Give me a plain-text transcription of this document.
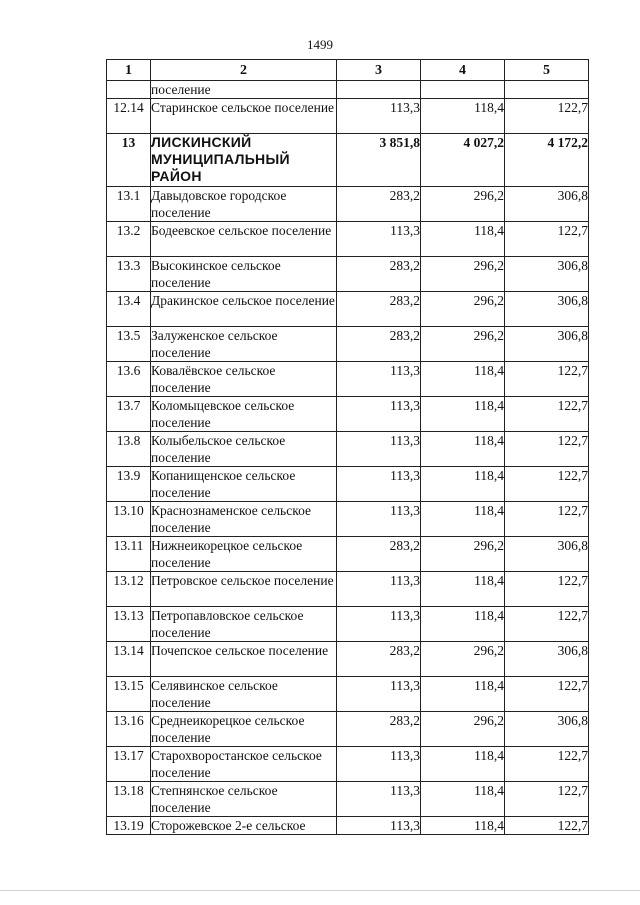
1499
1	2	3	4	5
	поселение			
12.14	Старинское сельское поселение	113,3	118,4	122,7
13	ЛИСКИНСКИЙ МУНИЦИПАЛЬНЫЙ РАЙОН	3 851,8	4 027,2	4 172,2
13.1	Давыдовское городское поселение	283,2	296,2	306,8
13.2	Бодеевское сельское поселение	113,3	118,4	122,7
13.3	Высокинское сельское поселение	283,2	296,2	306,8
13.4	Дракинское сельское поселение	283,2	296,2	306,8
13.5	Залуженское сельское поселение	283,2	296,2	306,8
13.6	Ковалёвское сельское поселение	113,3	118,4	122,7
13.7	Коломыцевское сельское поселение	113,3	118,4	122,7
13.8	Колыбельское сельское поселение	113,3	118,4	122,7
13.9	Копанищенское сельское поселение	113,3	118,4	122,7
13.10	Краснознаменское сельское поселение	113,3	118,4	122,7
13.11	Нижнеикорецкое сельское поселение	283,2	296,2	306,8
13.12	Петровское сельское поселение	113,3	118,4	122,7
13.13	Петропавловское сельское поселение	113,3	118,4	122,7
13.14	Почепское сельское поселение	283,2	296,2	306,8
13.15	Селявинское сельское поселение	113,3	118,4	122,7
13.16	Среднеикорецкое сельское поселение	283,2	296,2	306,8
13.17	Старохворостанское сельское поселение	113,3	118,4	122,7
13.18	Степнянское сельское поселение	113,3	118,4	122,7
13.19	Сторожевское 2-е сельское	113,3	118,4	122,7
